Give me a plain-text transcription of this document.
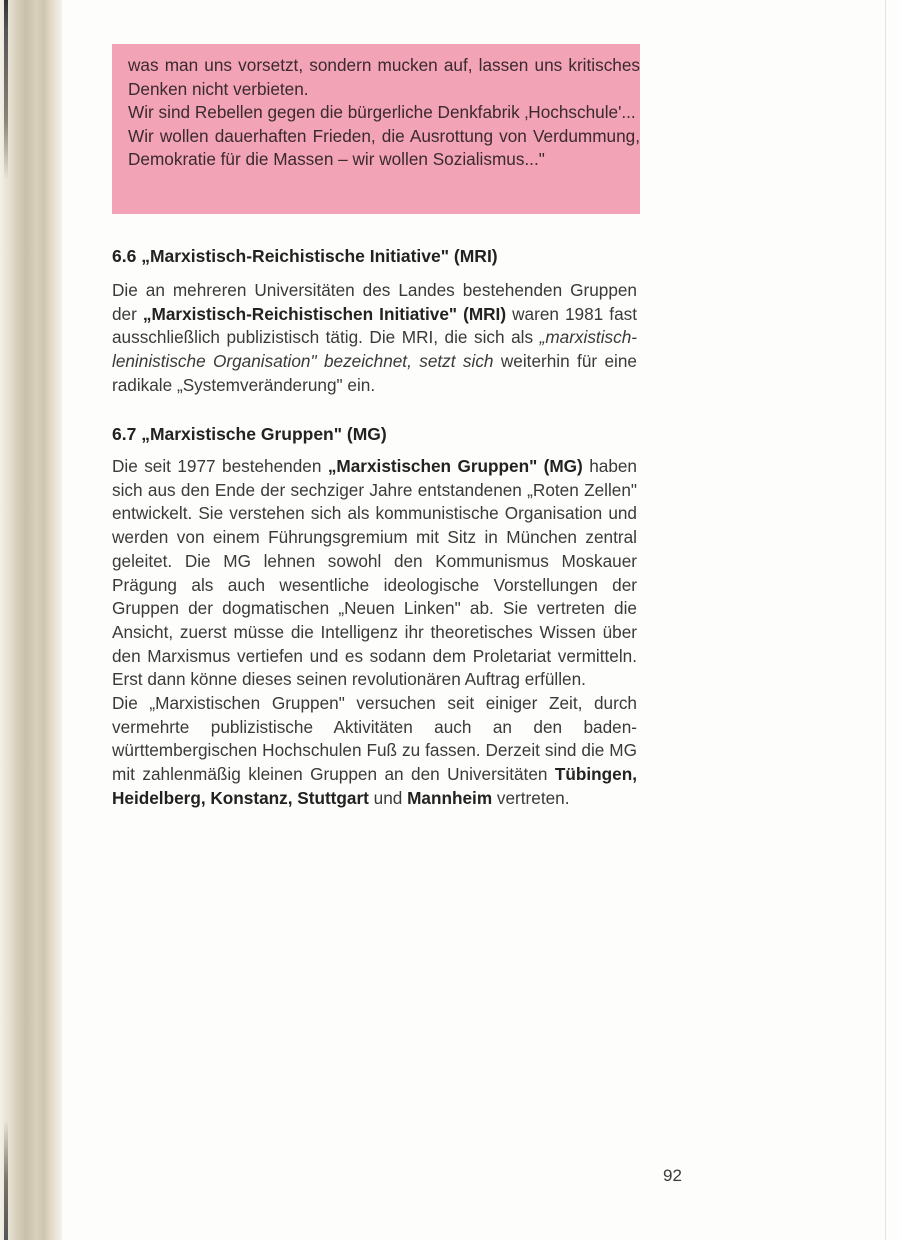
was man uns vorsetzt, sondern mucken auf, lassen uns kritisches Denken nicht verbieten.

Wir sind Rebellen gegen die bürgerliche Denkfabrik ‚Hochschule'...

Wir wollen dauerhaften Frieden, die Ausrottung von Verdummung, Demokratie für die Massen – wir wollen Sozialismus..."

6.6 „Marxistisch-Reichistische Initiative" (MRI)

Die an mehreren Universitäten des Landes bestehenden Gruppen der „Marxistisch-Reichistischen Initiative" (MRI) waren 1981 fast ausschließlich publizistisch tätig. Die MRI, die sich als „marxistisch-leninistische Organisation" bezeichnet, setzt sich weiterhin für eine radikale „Systemveränderung" ein.

6.7 „Marxistische Gruppen" (MG)

Die seit 1977 bestehenden „Marxistischen Gruppen" (MG) haben sich aus den Ende der sechziger Jahre entstandenen „Roten Zellen" entwickelt. Sie verstehen sich als kommunistische Organisation und werden von einem Führungsgremium mit Sitz in München zentral geleitet. Die MG lehnen sowohl den Kommunismus Moskauer Prägung als auch wesentliche ideologische Vorstellungen der Gruppen der dogmatischen „Neuen Linken" ab. Sie vertreten die Ansicht, zuerst müsse die Intelligenz ihr theoretisches Wissen über den Marxismus vertiefen und es sodann dem Proletariat vermitteln. Erst dann könne dieses seinen revolutionären Auftrag erfüllen.

Die „Marxistischen Gruppen" versuchen seit einiger Zeit, durch vermehrte publizistische Aktivitäten auch an den baden-württembergischen Hochschulen Fuß zu fassen. Derzeit sind die MG mit zahlenmäßig kleinen Gruppen an den Universitäten Tübingen, Heidelberg, Konstanz, Stuttgart und Mannheim vertreten.

92
